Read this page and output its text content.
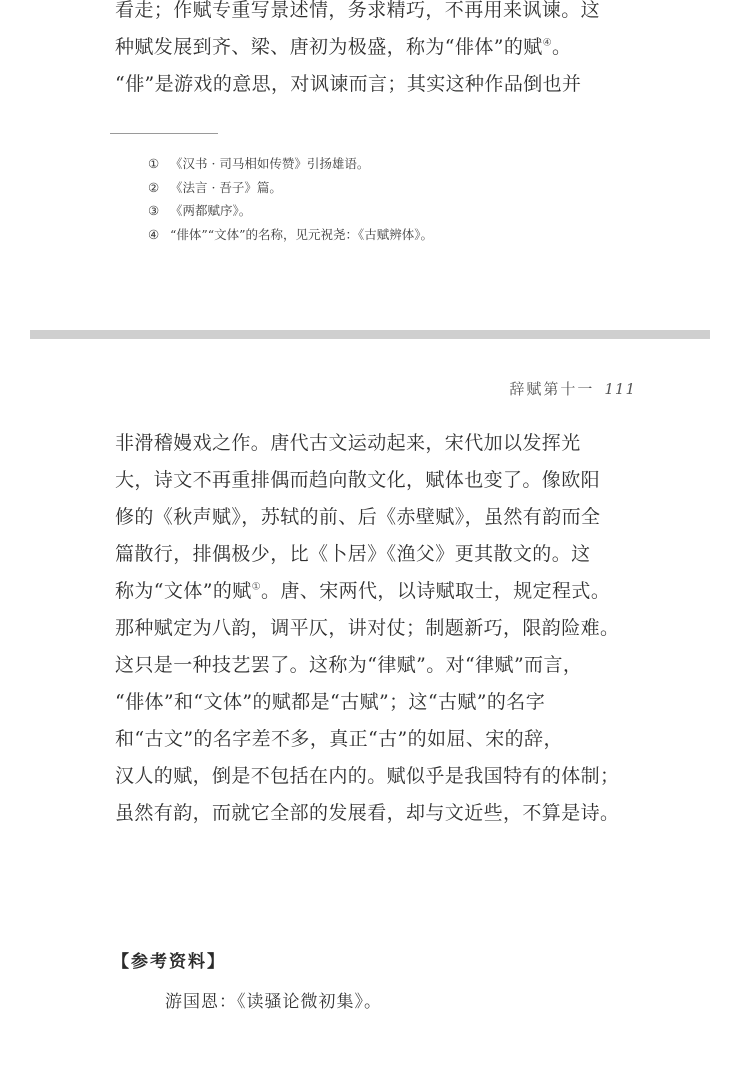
看走；作赋专重写景述情，务求精巧，不再用来讽谏。这
种赋发展到齐、梁、唐初为极盛，称为“俳体”的赋④。
“俳”是游戏的意思，对讽谏而言；其实这种作品倒也并
① 《汉书 · 司马相如传赞》引扬雄语。
② 《法言 · 吾子》篇。
③ 《两都赋序》。
④ “俳体”“文体”的名称，见元祝尧：《古赋辨体》。
辞赋第十一 111
非滑稽嫚戏之作。唐代古文运动起来，宋代加以发挥光
大，诗文不再重排偶而趋向散文化，赋体也变了。像欧阳
修的《秋声赋》，苏轼的前、后《赤壁赋》，虽然有韵而全
篇散行，排偶极少，比《卜居》《渔父》更其散文的。这
称为“文体”的赋①。唐、宋两代，以诗赋取士，规定程式。
那种赋定为八韵，调平仄，讲对仗；制题新巧，限韵险难。
这只是一种技艺罢了。这称为“律赋”。对“律赋”而言，
“俳体”和“文体”的赋都是“古赋”；这“古赋”的名字
和“古文”的名字差不多，真正“古”的如屈、宋的辞，
汉人的赋，倒是不包括在内的。赋似乎是我国特有的体制；
虽然有韵，而就它全部的发展看，却与文近些，不算是诗。
【参考资料】
游国恩：《读骚论微初集》。
